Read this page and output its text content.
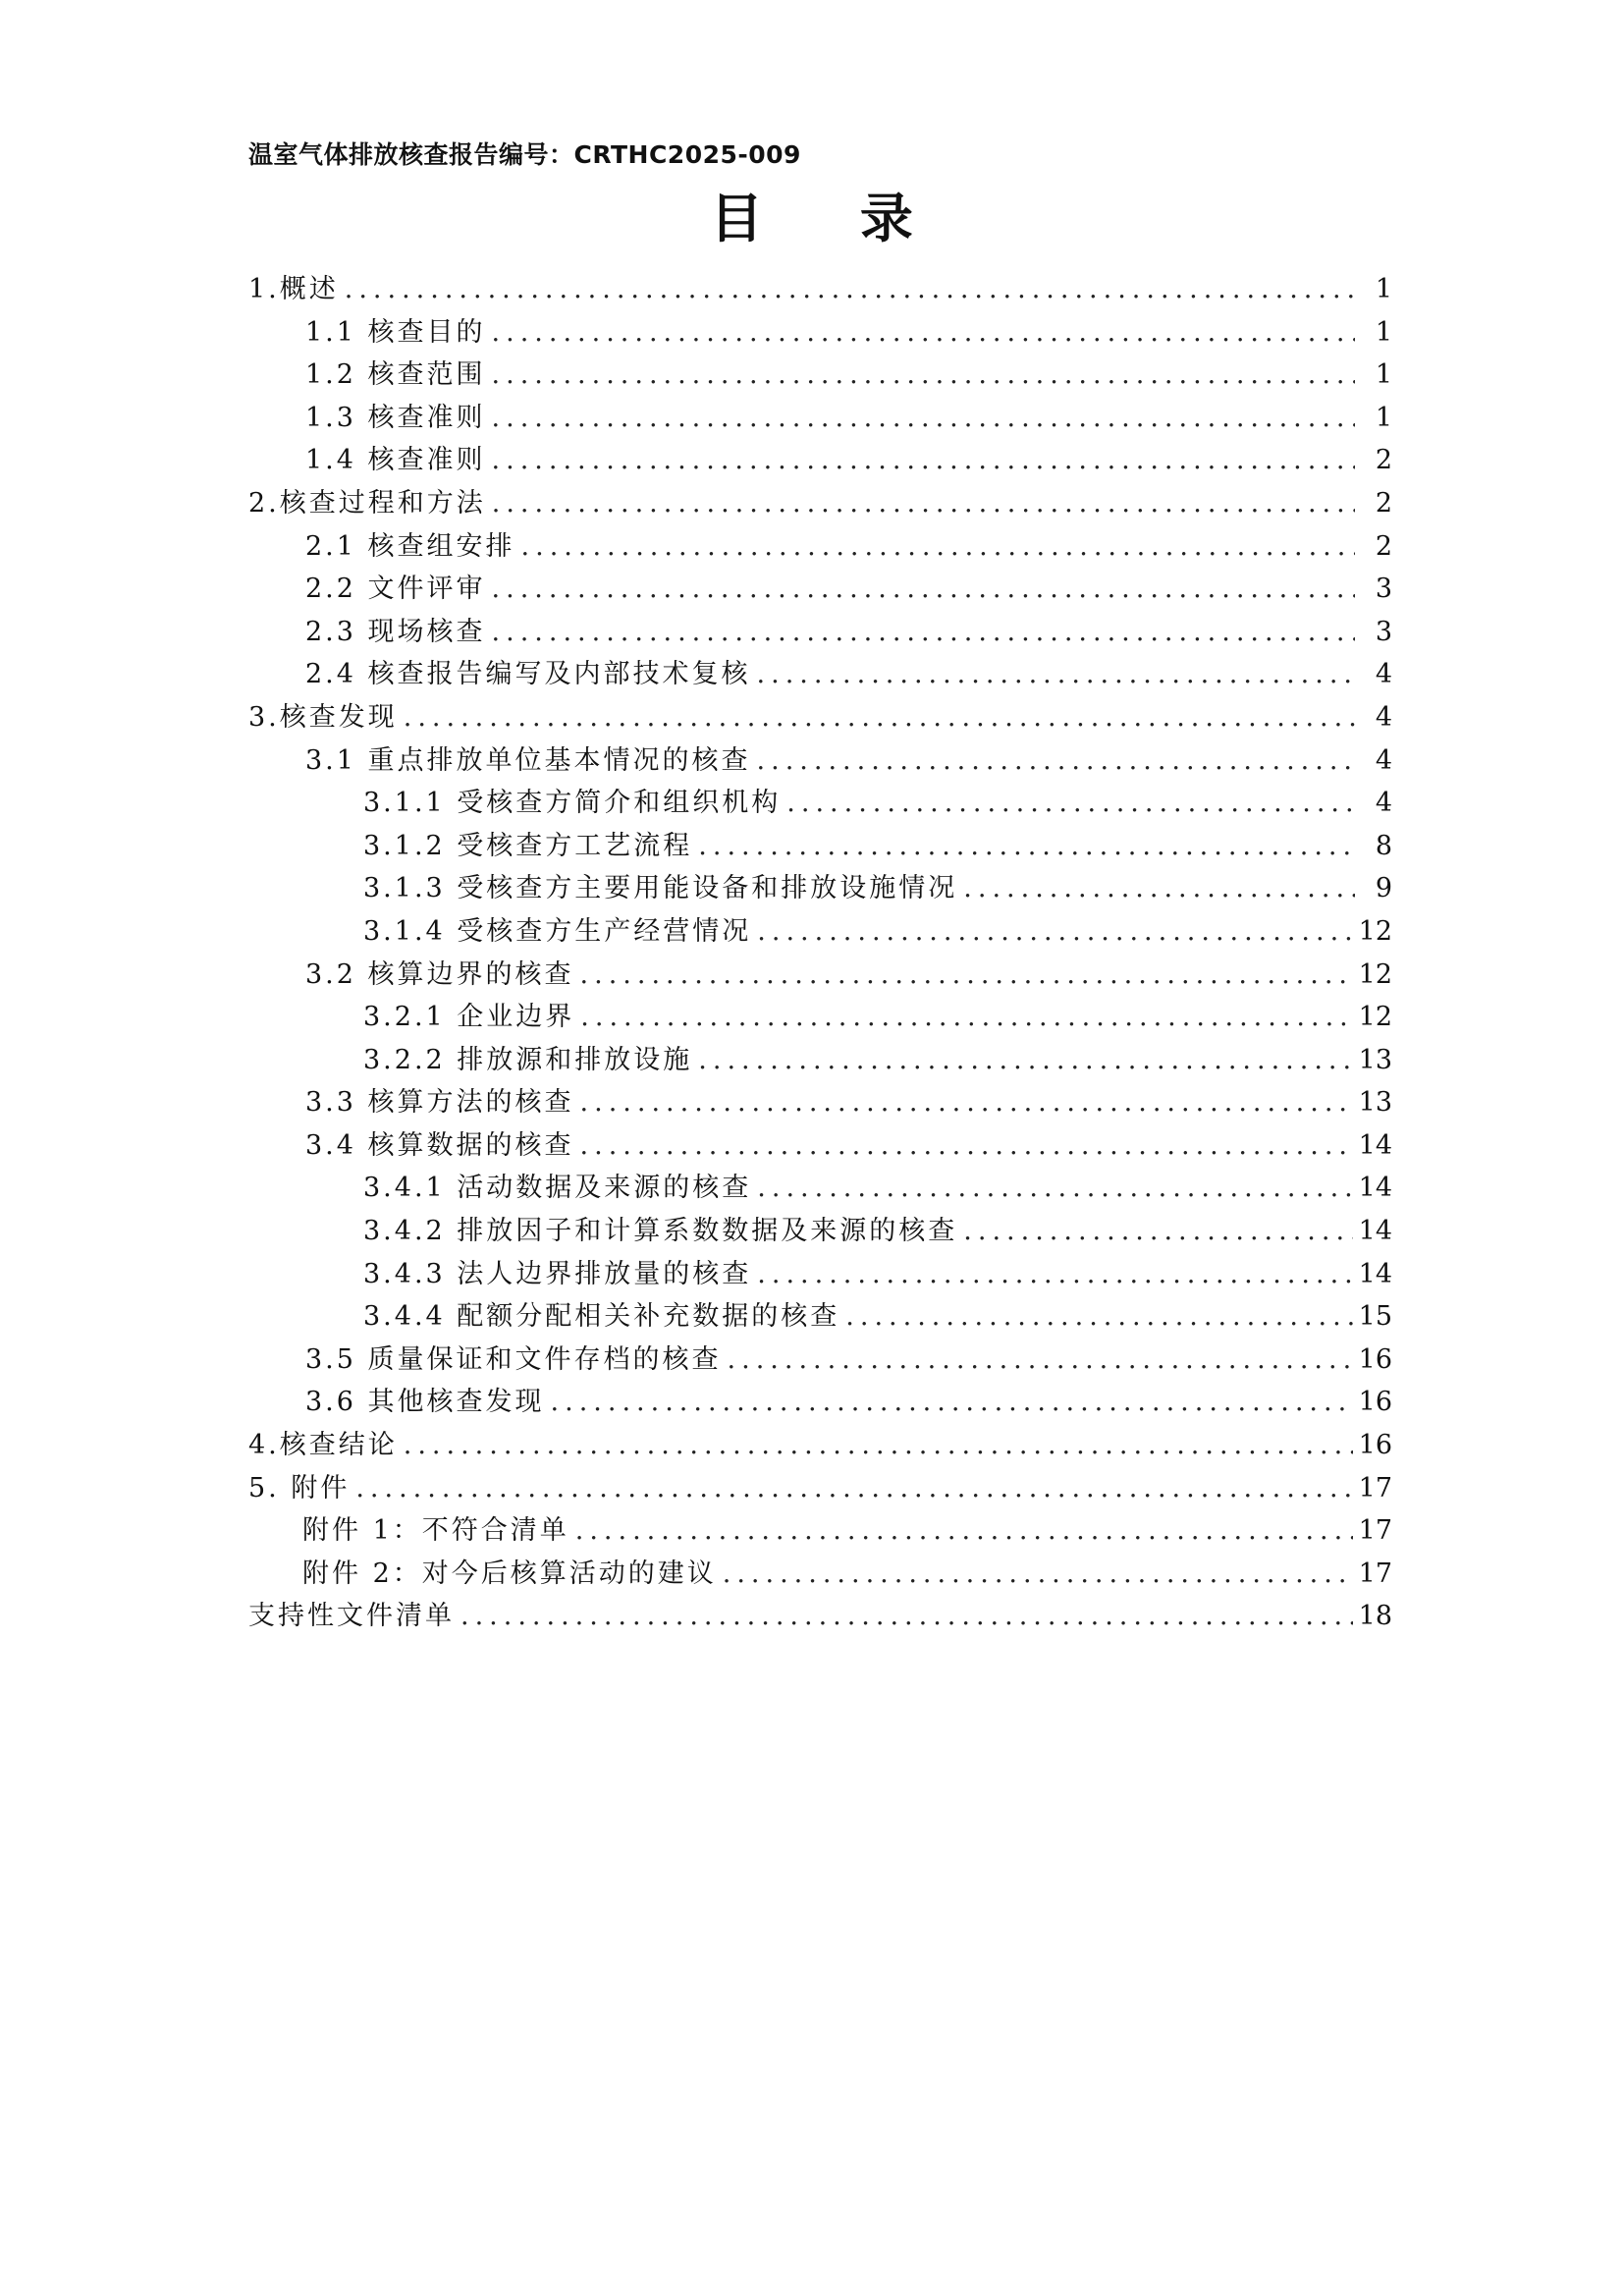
温室气体排放核查报告编号：CRTHC2025-009
目 录
1.概述 .....	1
1.1 核查目的 .....	1
1.2 核查范围 .....	1
1.3 核查准则 .....	1
1.4 核查准则 .....	2
2.核查过程和方法 .....	2
2.1 核查组安排 .....	2
2.2 文件评审 .....	3
2.3 现场核查 .....	3
2.4 核查报告编写及内部技术复核 .....	4
3.核查发现 .....	4
3.1 重点排放单位基本情况的核查 .....	4
3.1.1 受核查方简介和组织机构 .....	4
3.1.2 受核查方工艺流程 .....	8
3.1.3 受核查方主要用能设备和排放设施情况 .....	9
3.1.4 受核查方生产经营情况 .....	12
3.2 核算边界的核查 .....	12
3.2.1 企业边界 .....	12
3.2.2 排放源和排放设施 .....	13
3.3 核算方法的核查 .....	13
3.4 核算数据的核查 .....	14
3.4.1 活动数据及来源的核查 .....	14
3.4.2 排放因子和计算系数数据及来源的核查 .....	14
3.4.3 法人边界排放量的核查 .....	14
3.4.4 配额分配相关补充数据的核查 .....	15
3.5 质量保证和文件存档的核查 .....	16
3.6 其他核查发现 .....	16
4.核查结论 .....	16
5. 附件 .....	17
附件 1：不符合清单 .....	17
附件 2：对今后核算活动的建议 .....	17
支持性文件清单 .....	18
